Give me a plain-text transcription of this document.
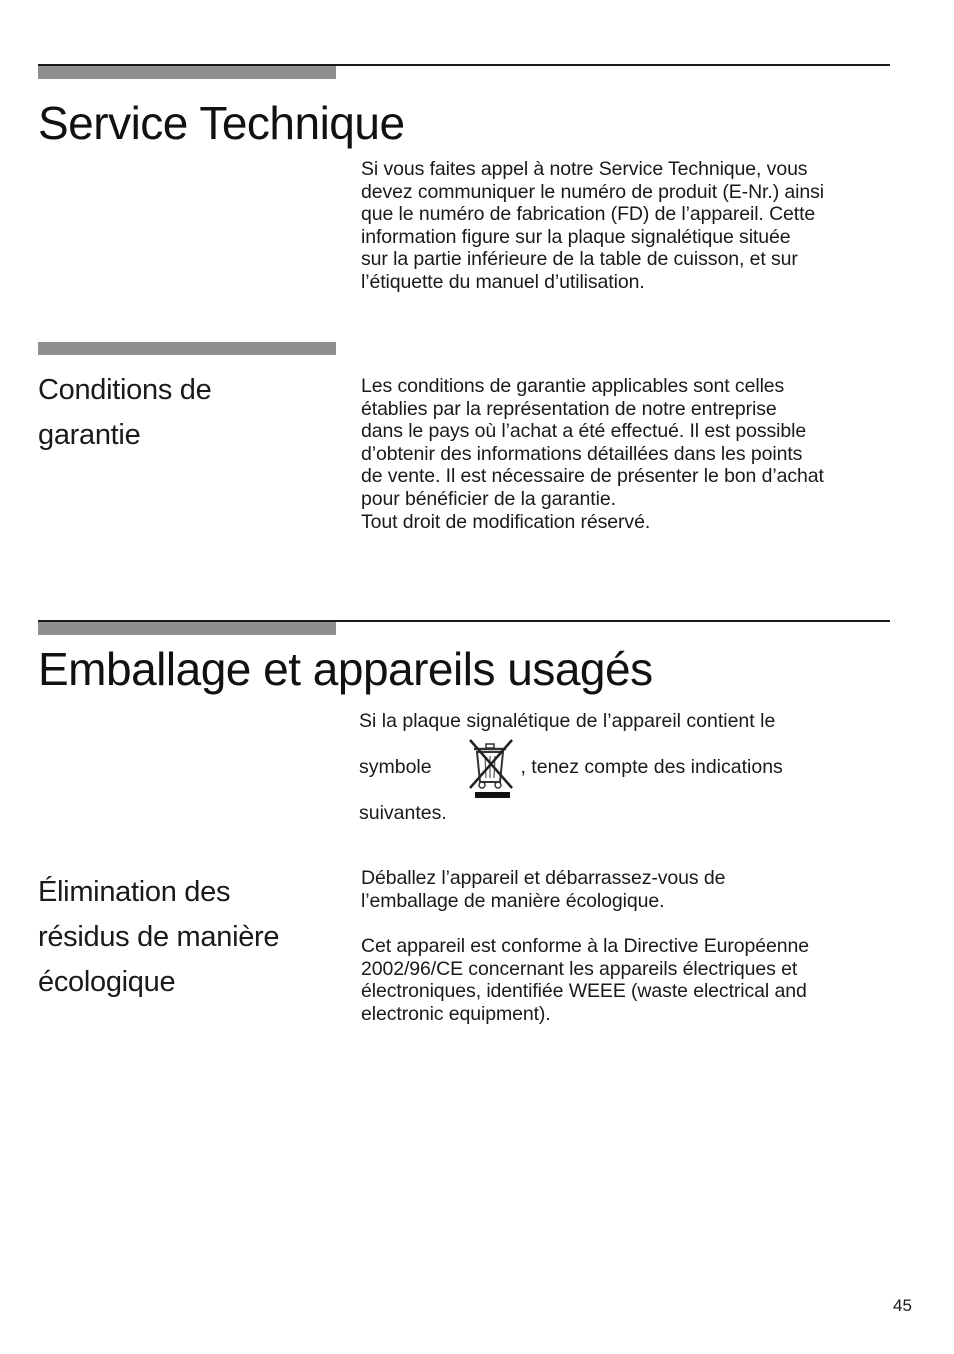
Service Technique
Si vous faites appel à notre Service Technique, vous
devez communiquer le numéro de produit (E-Nr.) ainsi
que le numéro de fabrication (FD) de l’appareil. Cette
information figure sur la plaque signalétique située
sur la partie inférieure de la table de cuisson, et sur
l’étiquette du manuel d’utilisation.
Conditions de
garantie
Les conditions de garantie applicables sont celles
établies par la représentation de notre entreprise
dans le pays où l’achat a été effectué. Il est possible
d’obtenir des informations détaillées dans les points
de vente. Il est nécessaire de présenter le bon d’achat
pour bénéficier de la garantie.
Tout droit de modification réservé.
Emballage et appareils usagés
Si la plaque signalétique de l’appareil contient le
symbole	, tenez compte des indications
suivantes.
Élimination des
résidus de manière
écologique
Déballez l’appareil et débarrassez-vous de
l’emballage de manière écologique.
Cet appareil est conforme à la Directive Européenne
2002/96/CE concernant les appareils électriques et
électroniques, identifiée WEEE (waste electrical and
electronic equipment).
45
